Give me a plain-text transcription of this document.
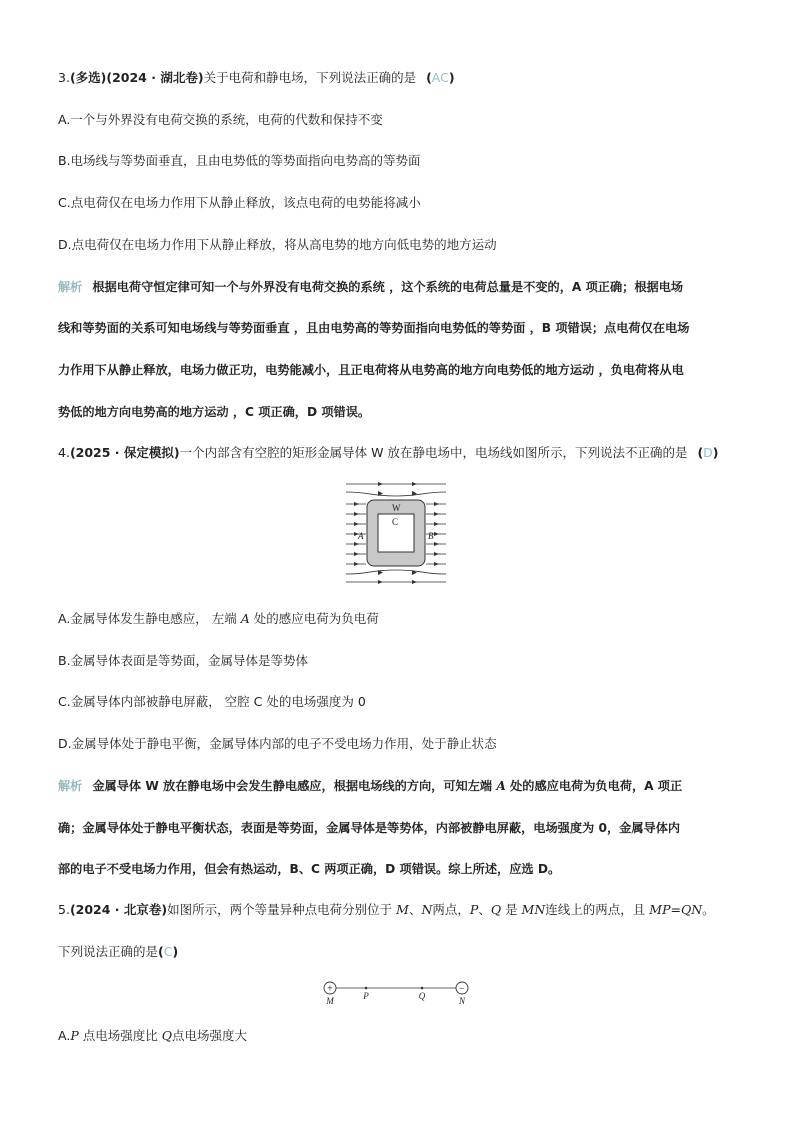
3.(多选)(2024 · 湖北卷)关于电荷和静电场，下列说法正确的是 (AC)
A.一个与外界没有电荷交换的系统，电荷的代数和保持不变
B.电场线与等势面垂直，且由电势低的等势面指向电势高的等势面
C.点电荷仅在电场力作用下从静止释放，该点电荷的电势能将减小
D.点电荷仅在电场力作用下从静止释放，将从高电势的地方向低电势的地方运动
解析 根据电荷守恒定律可知一个与外界没有电荷交换的系统 ，这个系统的电荷总量是不变的，A 项正确；根据电场
线和等势面的关系可知电场线与等势面垂直 ，且由电势高的等势面指向电势低的等势面 ，B 项错误；点电荷仅在电场
力作用下从静止释放，电场力做正功，电势能减小，且正电荷将从电势高的地方向电势低的地方运动 ，负电荷将从电
势低的地方向电势高的地方运动 ，C 项正确，D 项错误。
4.(2025 · 保定模拟)一个内部含有空腔的矩形金属导体 W 放在静电场中，电场线如图所示，下列说法不正确的是 (D)
W
C
A	B
A.金属导体发生静电感应， 左端 A 处的感应电荷为负电荷
B.金属导体表面是等势面，金属导体是等势体
C.金属导体内部被静电屏蔽， 空腔 C 处的电场强度为 0
D.金属导体处于静电平衡，金属导体内部的电子不受电场力作用，处于静止状态
解析 金属导体 W 放在静电场中会发生静电感应，根据电场线的方向，可知左端 A 处的感应电荷为负电荷，A 项正
确；金属导体处于静电平衡状态，表面是等势面，金属导体是等势体，内部被静电屏蔽，电场强度为 0，金属导体内
部的电子不受电场力作用，但会有热运动，B、C 两项正确，D 项错误。综上所述，应选 D。
5.(2024 · 北京卷)如图所示，两个等量异种点电荷分别位于 M、N两点，P、Q 是 MN连线上的两点，且 MP=QN。
下列说法正确的是(C)
+	−
M	P	Q	N
A.P 点电场强度比 Q点电场强度大
